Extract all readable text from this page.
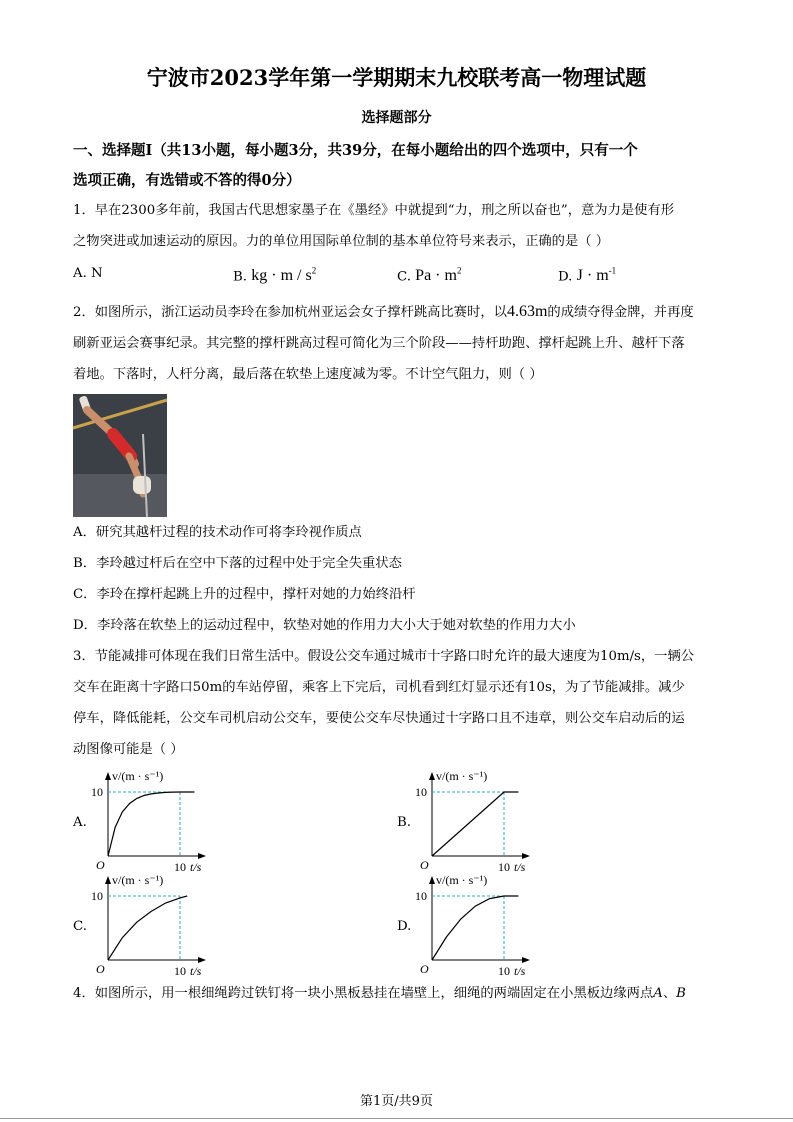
宁波市2023学年第一学期期末九校联考高一物理试题
选择题部分
一、选择题Ⅰ（共13小题，每小题3分，共39分，在每小题给出的四个选项中，只有一个
选项正确，有选错或不答的得0分）
1．早在2300多年前，我国古代思想家墨子在《墨经》中就提到“力，刑之所以奋也”，意为力是使有形
之物突进或加速运动的原因。力的单位用国际单位制的基本单位符号来表示，正确的是（ ）
A. N	B. kg · m / $s^2$	C. $Pa \cdot m^2$	D. $J \cdot m^{-1}$
2．如图所示，浙江运动员李玲在参加杭州亚运会女子撑杆跳高比赛时，以4.63m的成绩夺得金牌，并再度
刷新亚运会赛事纪录。其完整的撑杆跳高过程可简化为三个阶段——持杆助跑、撑杆起跳上升、越杆下落
着地。下落时，人杆分离，最后落在软垫上速度减为零。不计空气阻力，则（ ）
A．研究其越杆过程的技术动作可将李玲视作质点
B．李玲越过杆后在空中下落的过程中处于完全失重状态
C．李玲在撑杆起跳上升的过程中，撑杆对她的力始终沿杆
D．李玲落在软垫上的运动过程中，软垫对她的作用力大小大于她对软垫的作用力大小
3．节能减排可体现在我们日常生活中。假设公交车通过城市十字路口时允许的最大速度为10m/s，一辆公
交车在距离十字路口50m的车站停留，乘客上下完后，司机看到红灯显示还有10s，为了节能减排。减少
停车，降低能耗，公交车司机启动公交车，要使公交车尽快通过十字路口且不违章，则公交车启动后的运
动图像可能是（ ）
A.	B.
C.	D.
v/(m · s⁻¹)
t/s
O
10
10
v/(m · s⁻¹)
t/s
O
10
10
v/(m · s⁻¹)
t/s
O
10
10
v/(m · s⁻¹)
t/s
O
10
10
4．如图所示，用一根细绳跨过铁钉将一块小黑板悬挂在墙壁上，细绳的两端固定在小黑板边缘两点A、B
第1页/共9页
